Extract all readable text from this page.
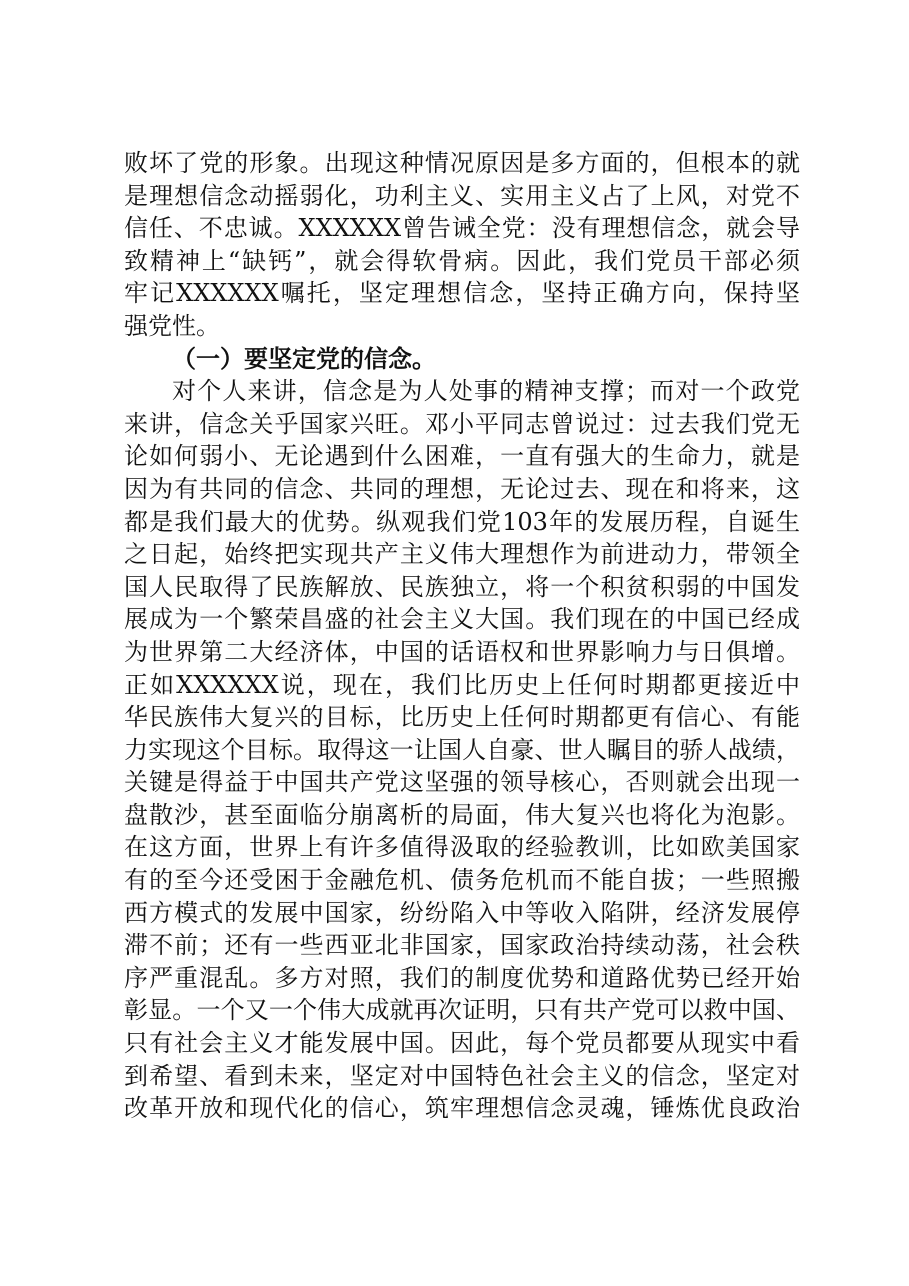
败坏了党的形象。出现这种情况原因是多方面的，但根本的就
是理想信念动摇弱化，功利主义、实用主义占了上风，对党不
信任、不忠诚。XXXXXX曾告诫全党：没有理想信念，就会导
致精神上“缺钙”，就会得软骨病。因此，我们党员干部必须
牢记XXXXXX嘱托，坚定理想信念，坚持正确方向，保持坚
强党性。
（一）要坚定党的信念。
对个人来讲，信念是为人处事的精神支撑；而对一个政党
来讲，信念关乎国家兴旺。邓小平同志曾说过：过去我们党无
论如何弱小、无论遇到什么困难，一直有强大的生命力，就是
因为有共同的信念、共同的理想，无论过去、现在和将来，这
都是我们最大的优势。纵观我们党103年的发展历程，自诞生
之日起，始终把实现共产主义伟大理想作为前进动力，带领全
国人民取得了民族解放、民族独立，将一个积贫积弱的中国发
展成为一个繁荣昌盛的社会主义大国。我们现在的中国已经成
为世界第二大经济体，中国的话语权和世界影响力与日俱增。
正如XXXXXX说，现在，我们比历史上任何时期都更接近中
华民族伟大复兴的目标，比历史上任何时期都更有信心、有能
力实现这个目标。取得这一让国人自豪、世人瞩目的骄人战绩，
关键是得益于中国共产党这坚强的领导核心，否则就会出现一
盘散沙，甚至面临分崩离析的局面，伟大复兴也将化为泡影。
在这方面，世界上有许多值得汲取的经验教训，比如欧美国家
有的至今还受困于金融危机、债务危机而不能自拔；一些照搬
西方模式的发展中国家，纷纷陷入中等收入陷阱，经济发展停
滞不前；还有一些西亚北非国家，国家政治持续动荡，社会秩
序严重混乱。多方对照，我们的制度优势和道路优势已经开始
彰显。一个又一个伟大成就再次证明，只有共产党可以救中国、
只有社会主义才能发展中国。因此，每个党员都要从现实中看
到希望、看到未来，坚定对中国特色社会主义的信念，坚定对
改革开放和现代化的信心，筑牢理想信念灵魂，锤炼优良政治
